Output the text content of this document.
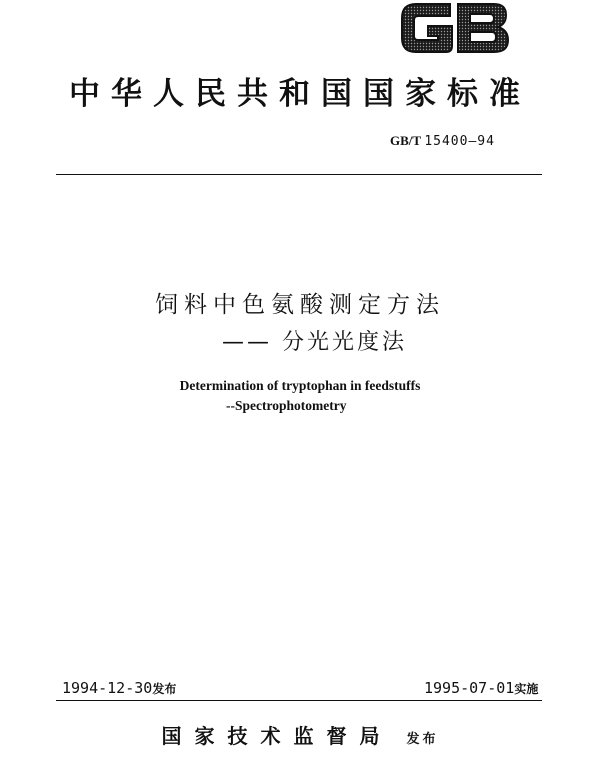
中华人民共和国国家标准
GB/T 15400—94
饲料中色氨酸测定方法
—— 分光光度法
Determination of tryptophan in feedstuffs
--Spectrophotometry
1994-12-30发布	1995-07-01实施
国家技术监督局 发布
